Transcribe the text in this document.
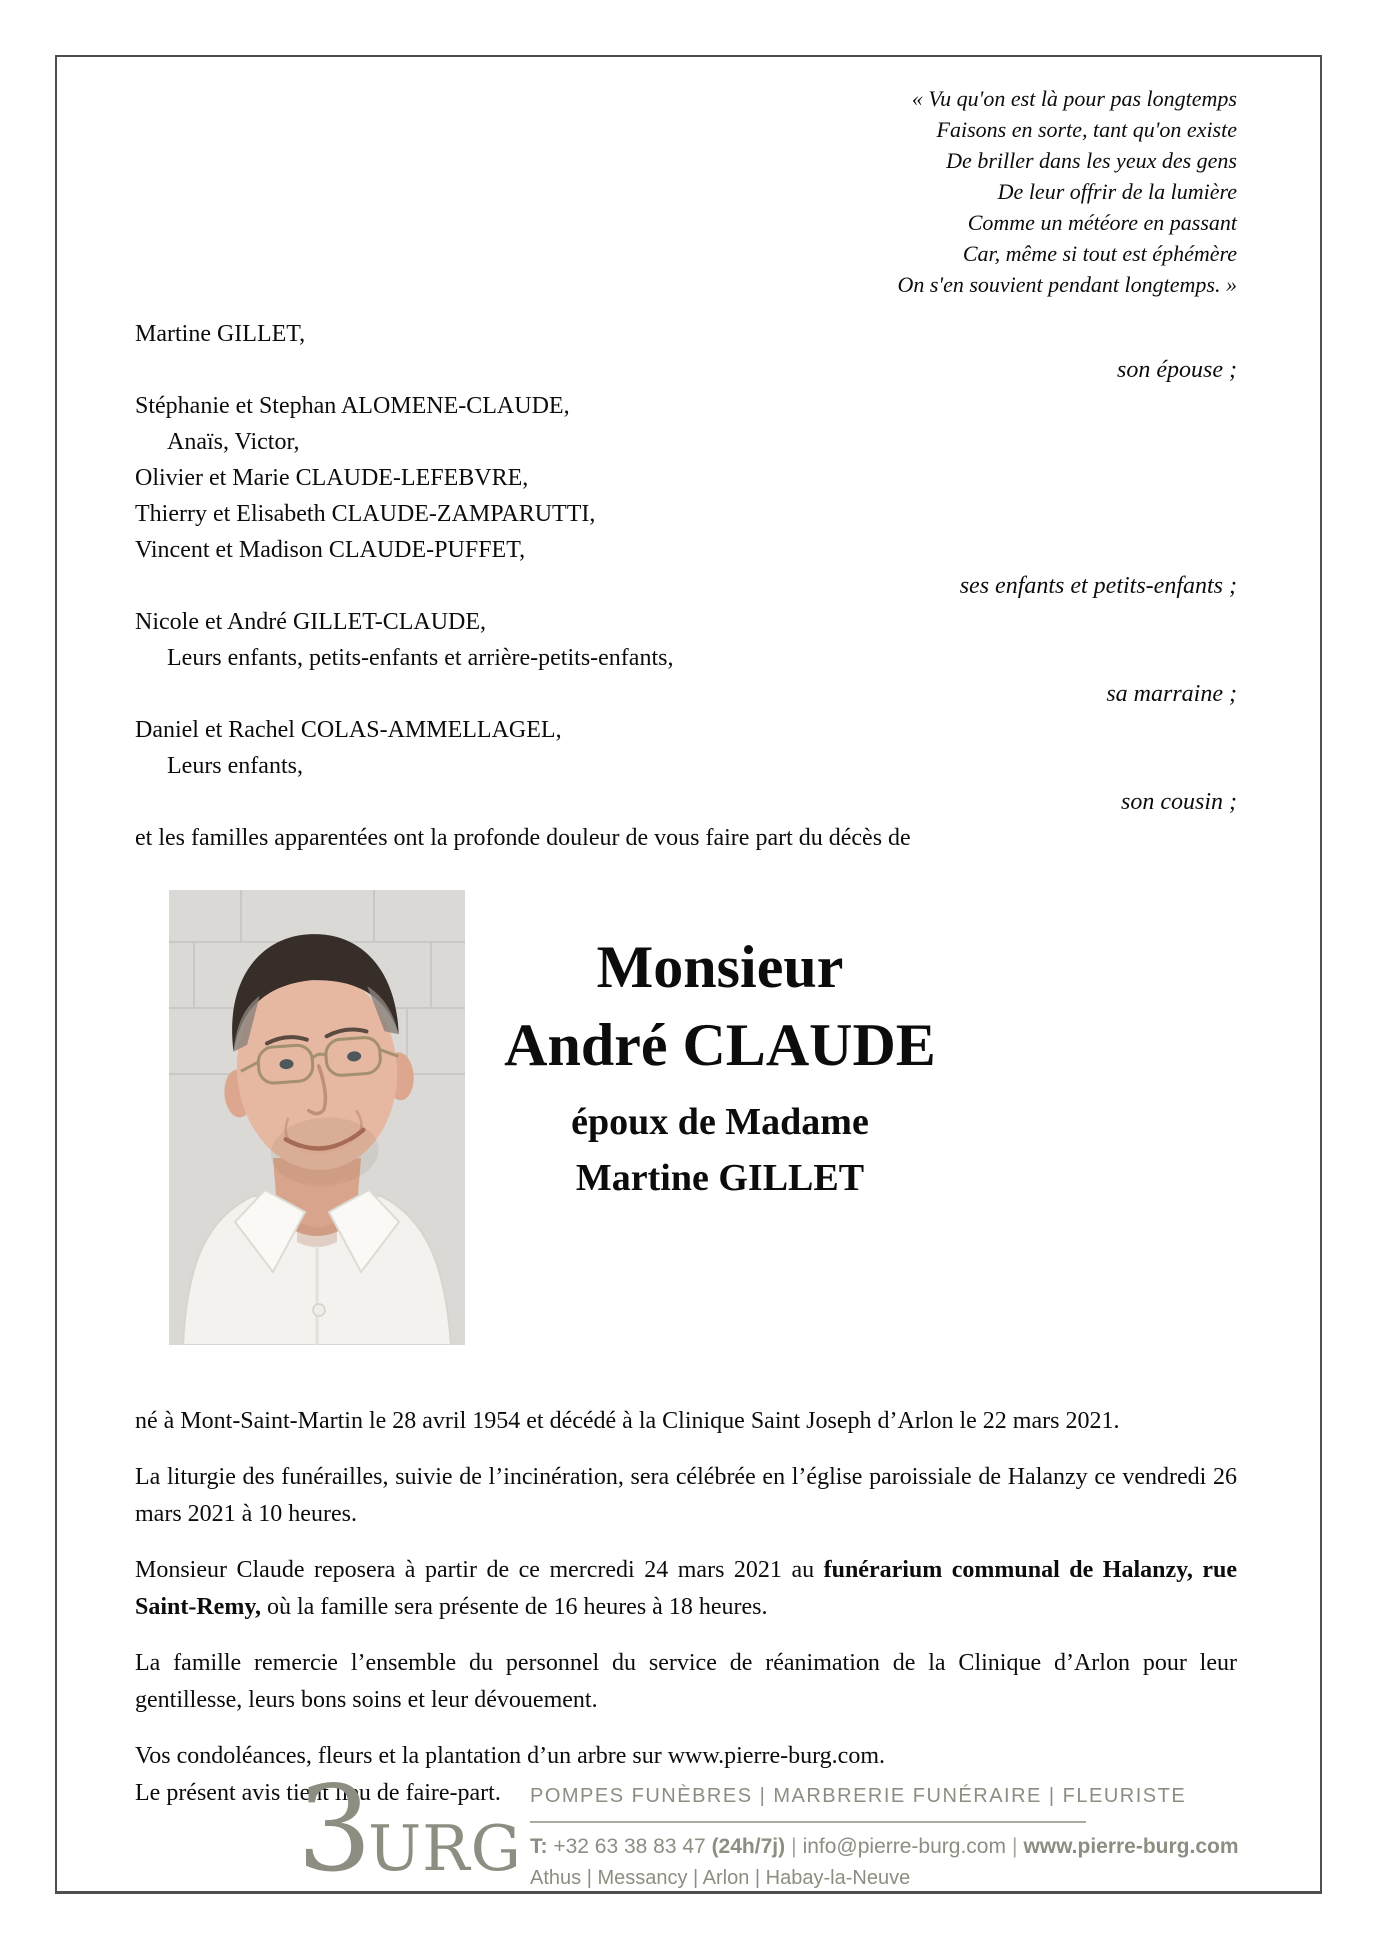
« Vu qu'on est là pour pas longtemps
Faisons en sorte, tant qu'on existe
De briller dans les yeux des gens
De leur offrir de la lumière
Comme un météore en passant
Car, même si tout est éphémère
On s'en souvient pendant longtemps. »
Martine GILLET,
son épouse ;
Stéphanie et Stephan ALOMENE-CLAUDE,
Anaïs, Victor,
Olivier et Marie CLAUDE-LEFEBVRE,
Thierry et Elisabeth CLAUDE-ZAMPARUTTI,
Vincent et Madison CLAUDE-PUFFET,
ses enfants et petits-enfants ;
Nicole et André GILLET-CLAUDE,
Leurs enfants, petits-enfants et arrière-petits-enfants,
sa marraine ;
Daniel et Rachel COLAS-AMMELLAGEL,
Leurs enfants,
son cousin ;
et les familles apparentées ont la profonde douleur de vous faire part du décès de
Monsieur
André CLAUDE
époux de Madame
Martine GILLET

né à Mont-Saint-Martin le 28 avril 1954 et décédé à la Clinique Saint Joseph d’Arlon le 22 mars 2021.

La liturgie des funérailles, suivie de l’incinération, sera célébrée en l’église paroissiale de Halanzy ce vendredi 26 mars 2021 à 10 heures.

Monsieur Claude reposera à partir de ce mercredi 24 mars 2021 au funérarium communal de Halanzy, rue Saint-Remy, où la famille sera présente de 16 heures à 18 heures.

La famille remercie l’ensemble du personnel du service de réanimation de la Clinique d’Arlon pour leur gentillesse, leurs bons soins et leur dévouement.

Vos condoléances, fleurs et la plantation d’un arbre sur www.pierre-burg.com.

Le présent avis tient lieu de faire-part.

3URG
POMPES FUNÈBRES | MARBRERIE FUNÉRAIRE | FLEURISTE
T: +32 63 38 83 47 (24h/7j) | info@pierre-burg.com | www.pierre-burg.com
Athus | Messancy | Arlon | Habay-la-Neuve
